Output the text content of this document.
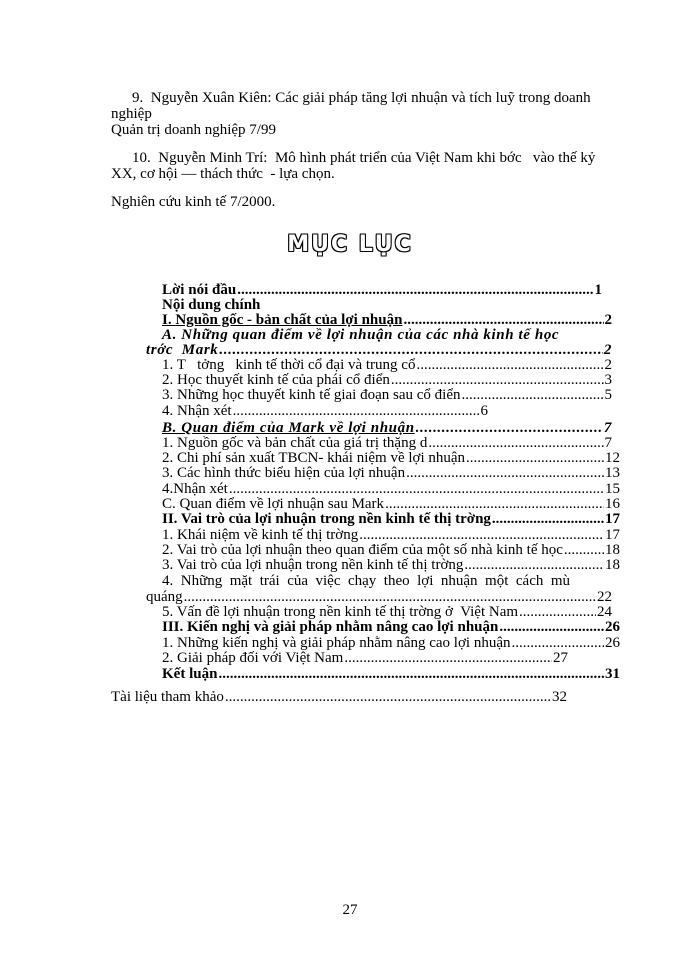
9.  Nguyễn Xuân Kiên: Các giải pháp tăng lợi nhuận và tích luỹ trong doanh
nghiệp
Quản trị doanh nghiệp 7/99
10.  Nguyễn Minh Trí:  Mô hình phát triển của Việt Nam khi bớc   vào thế kỷ
XX, cơ hội — thách thức  - lựa chọn.
Nghiên cứu kinh tế 7/2000.
MỤC LỤC
Lời nói đầu .....	1
Nội dung chính
I. Nguồn gốc - bản chất của lợi nhuận .....	2
A. Những quan điểm về lợi nhuận của các nhà kinh tế học
trớc  Mark .....	2
1. T   tởng   kinh tế thời cổ đại và trung cổ .....	2
2. Học thuyết kinh tế của phái cổ điển .....	3
3. Những học thuyết kinh tế giai đoạn sau cổ điển .....	5
4. Nhận xét .....	6
B. Quan điểm của Mark về lợi nhuận .....	7
1. Nguồn gốc và bản chất của giá trị thặng d .....	7
2. Chi phí sản xuất TBCN- khái niệm về lợi nhuận .....	12
3. Các hình thức biểu hiện của lợi nhuận .....	13
4.Nhận xét .....	15
C. Quan điểm về lợi nhuận sau Mark .....	16
II. Vai trò của lợi nhuận trong nền kinh tế thị trờng .....	17
1. Khái niệm về kinh tế thị trờng .....	17
2. Vai trò của lợi nhuận theo quan điểm của một số nhà kinh tế học .....	18
3. Vai trò của lợi nhuận trong nền kinh tế thị trờng .....	18
4.  Những  mặt  trái  của  việc  chạy  theo  lợi  nhuận  một  cách  mù
quáng .....	22
5. Vấn đề lợi nhuận trong nền kinh tế thị trờng ở  Việt Nam .....	24
III. Kiến nghị và giải pháp nhằm nâng cao lợi nhuận .....	26
1. Những kiến nghị và giải pháp nhằm nâng cao lợi nhuận .....	26
2. Giải pháp đối với Việt Nam .....	27
Kết luận .....	31
Tài liệu tham khảo .....	32
27
